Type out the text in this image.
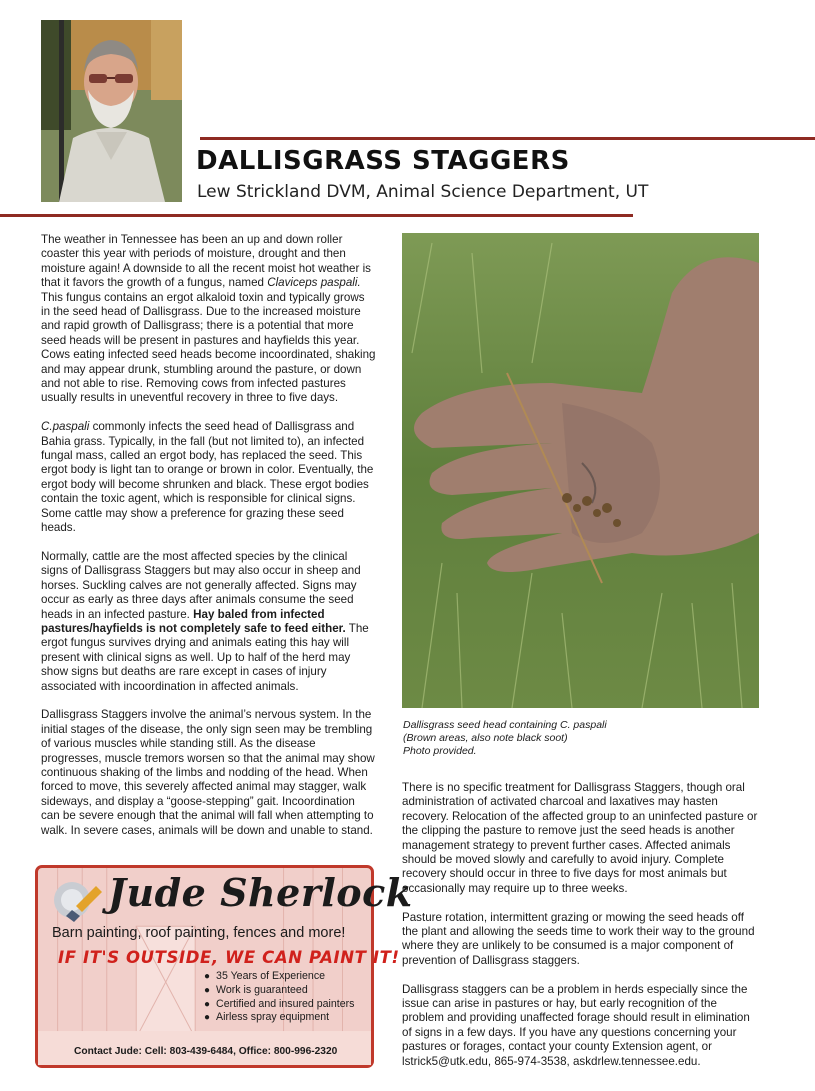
DALLISGRASS STAGGERS
Lew Strickland DVM, Animal Science Department, UT

The weather in Tennessee has been an up and down roller coaster this year with periods of moisture, drought and then moisture again! A downside to all the recent moist hot weather is that it favors the growth of a fungus, named Claviceps paspali. This fungus contains an ergot alkaloid toxin and typically grows in the seed head of Dallisgrass. Due to the increased moisture and rapid growth of Dallisgrass; there is a potential that more seed heads will be present in pastures and hayfields this year. Cows eating infected seed heads become incoordinated, shaking and may appear drunk, stumbling around the pasture, or down and not able to rise. Removing cows from infected pastures usually results in uneventful recovery in three to five days.

C.paspali commonly infects the seed head of Dallisgrass and Bahia grass. Typically, in the fall (but not limited to), an infected fungal mass, called an ergot body, has replaced the seed. This ergot body is light tan to orange or brown in color. Eventually, the ergot body will become shrunken and black. These ergot bodies contain the toxic agent, which is responsible for clinical signs. Some cattle may show a preference for grazing these seed heads.

Normally, cattle are the most affected species by the clinical signs of Dallisgrass Staggers but may also occur in sheep and horses. Suckling calves are not generally affected. Signs may occur as early as three days after animals consume the seed heads in an infected pasture. Hay baled from infected pastures/hayfields is not completely safe to feed either. The ergot fungus survives drying and animals eating this hay will present with clinical signs as well. Up to half of the herd may show signs but deaths are rare except in cases of injury associated with incoordination in affected animals.

Dallisgrass Staggers involve the animal’s nervous system. In the initial stages of the disease, the only sign seen may be trembling of various muscles while standing still. As the disease progresses, muscle tremors worsen so that the animal may show continuous shaking of the limbs and nodding of the head. When forced to move, this severely affected animal may stagger, walk sideways, and display a “goose-stepping” gait. Incoordination can be severe enough that the animal will fall when attempting to walk. In severe cases, animals will be down and unable to stand.

Dallisgrass seed head containing C. paspali
(Brown areas, also note black soot)
Photo provided.

There is no specific treatment for Dallisgrass Staggers, though oral administration of activated charcoal and laxatives may hasten recovery. Relocation of the affected group to an uninfected pasture or the clipping the pasture to remove just the seed heads is another management strategy to prevent further cases. Affected animals should be moved slowly and carefully to avoid injury. Complete recovery should occur in three to five days for most animals but occasionally may require up to three weeks.

Pasture rotation, intermittent grazing or mowing the seed heads off the plant and allowing the seeds time to work their way to the ground where they are unlikely to be consumed is a major component of prevention of Dallisgrass staggers.

Dallisgrass staggers can be a problem in herds especially since the issue can arise in pastures or hay, but early recognition of the problem and providing unaffected forage should result in elimination of signs in a few days. If you have any questions concerning your pastures or forages, contact your county Extension agent, or lstrick5@utk.edu, 865-974-3538, askdrlew.tennessee.edu.

Jude Sherlock
Barn painting, roof painting, fences and more!
IF IT'S OUTSIDE, WE CAN PAINT IT!
● 35 Years of Experience
● Work is guaranteed
● Certified and insured painters
● Airless spray equipment
Contact Jude: Cell: 803-439-6484, Office: 800-996-2320
